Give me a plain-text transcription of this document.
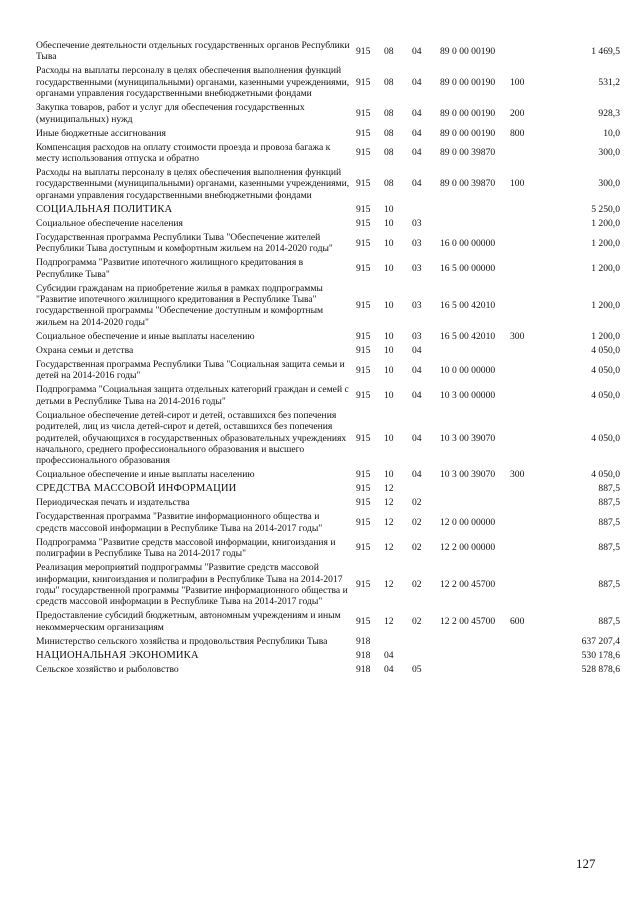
Обеспечение деятельности отдельных государственных органов Республики Тыва	915	08	04	89 0 00 00190		1 469,5
Расходы на выплаты персоналу в целях обеспечения выполнения функций государственными (муниципальными) органами, казенными учреждениями, органами управления государственными внебюджетными фондами	915	08	04	89 0 00 00190	100	531,2
Закупка товаров, работ и услуг для обеспечения государственных (муниципальных) нужд	915	08	04	89 0 00 00190	200	928,3
Иные бюджетные ассигнования	915	08	04	89 0 00 00190	800	10,0
Компенсация расходов на оплату стоимости проезда и провоза багажа к месту использования отпуска и обратно	915	08	04	89 0 00 39870		300,0
Расходы на выплаты персоналу в целях обеспечения выполнения функций государственными (муниципальными) органами, казенными учреждениями, органами управления государственными внебюджетными фондами	915	08	04	89 0 00 39870	100	300,0
СОЦИАЛЬНАЯ ПОЛИТИКА	915	10				5 250,0
Социальное обеспечение населения	915	10	03			1 200,0
Государственная программа Республики Тыва "Обеспечение жителей Республики Тыва доступным и комфортным жильем на 2014-2020 годы"	915	10	03	16 0 00 00000		1 200,0
Подпрограмма "Развитие ипотечного жилищного кредитования в Республике Тыва"	915	10	03	16 5 00 00000		1 200,0
Субсидии гражданам на приобретение жилья в рамках подпрограммы "Развитие ипотечного жилищного кредитования в Республике Тыва" государственной программы "Обеспечение доступным и комфортным жильем на 2014-2020 годы"	915	10	03	16 5 00 42010		1 200,0
Социальное обеспечение и иные выплаты населению	915	10	03	16 5 00 42010	300	1 200,0
Охрана семьи и детства	915	10	04			4 050,0
Государственная программа Республики Тыва "Социальная защита семьи и детей на 2014-2016 годы"	915	10	04	10 0 00 00000		4 050,0
Подпрограмма "Социальная защита отдельных категорий граждан и семей с детьми в Республике Тыва на 2014-2016 годы"	915	10	04	10 3 00 00000		4 050,0
Социальное обеспечение детей-сирот и детей, оставшихся без попечения родителей, лиц из числа детей-сирот и детей, оставшихся без попечения родителей, обучающихся в государственных образовательных учреждениях начального, среднего профессионального образования и высшего профессионального образования	915	10	04	10 3 00 39070		4 050,0
Социальное обеспечение и иные выплаты населению	915	10	04	10 3 00 39070	300	4 050,0
СРЕДСТВА МАССОВОЙ ИНФОРМАЦИИ	915	12				887,5
Периодическая печать и издательства	915	12	02			887,5
Государственная программа "Развитие информационного общества и средств массовой информации в Республике Тыва на 2014-2017 годы"	915	12	02	12 0 00 00000		887,5
Подпрограмма "Развитие средств массовой информации, книгоиздания и полиграфии в Республике Тыва на 2014-2017 годы"	915	12	02	12 2 00 00000		887,5
Реализация мероприятий подпрограммы "Развитие средств массовой информации, книгоиздания и полиграфии в Республике Тыва на 2014-2017 годы" государственной программы "Развитие информационного общества и средств массовой информации в Республике Тыва на 2014-2017 годы"	915	12	02	12 2 00 45700		887,5
Предоставление субсидий бюджетным, автономным учреждениям и иным некоммерческим организациям	915	12	02	12 2 00 45700	600	887,5
Министерство сельского хозяйства и продовольствия Республики Тыва	918					637 207,4
НАЦИОНАЛЬНАЯ ЭКОНОМИКА	918	04				530 178,6
Сельское хозяйство и рыболовство	918	04	05			528 878,6
127
